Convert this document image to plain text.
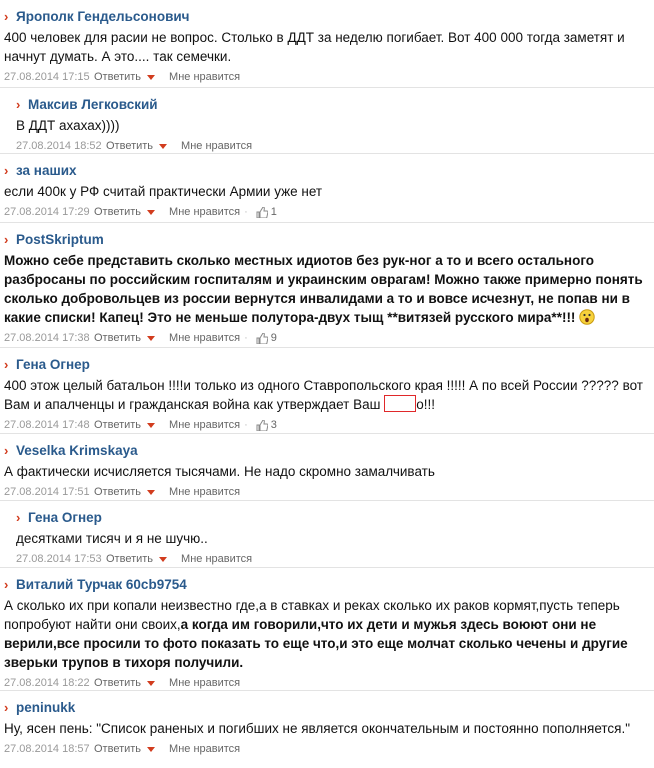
› Ярополк Гендельсонович
400 человек для расии не вопрос. Столько в ДДТ за неделю погибает. Вот 400 000 тогда заметят и начнут думать. А это.... так семечки.
27.08.2014 17:15 Ответить	Мне нравится
› Максив Легковский
В ДДТ ахахах))))
27.08.2014 18:52 Ответить	Мне нравится
› за наших
если 400к у РФ считай практически Армии уже нет
27.08.2014 17:29 Ответить	Мне нравится · 1
› PostSkriptum
Можно себе представить сколько местных идиотов без рук-ног а то и всего остального разбросаны по российским госпиталям и украинским оврагам! Можно также примерно понять сколько добровольцев из россии вернутся инвалидами а то и вовсе исчезнут, не попав ни в какие списки! Капец! Это не меньше полутора-двух тыщ **витязей русского мира**!!!
27.08.2014 17:38 Ответить	Мне нравится · 9
› Гена Огнер
400 этож целый батальон !!!!и только из одного Ставропольского края !!!!! А по всей России ????? вот Вам и апалченцы и гражданская война как утверждает Ваш о!!!
27.08.2014 17:48 Ответить	Мне нравится · 3
› Veselka Krimskaya
А фактически исчисляется тысячами. Не надо скромно замалчивать
27.08.2014 17:51 Ответить	Мне нравится
› Гена Огнер
десятками тисяч и я не шучю..
27.08.2014 17:53 Ответить	Мне нравится
› Виталий Турчак 60cb9754
А сколько их при копали неизвестно где,а в ставках и реках сколько их раков кормят,пусть теперь попробуют найти они своих,а когда им говорили,что их дети и мужья здесь воюют они не верили,все просили то фото показать то еще что,и это еще молчат сколько чечены и другие зверьки трупов в тихоря получили.
27.08.2014 18:22 Ответить	Мне нравится
› peninukk
Ну, ясен пень: "Список раненых и погибших не является окончательным и постоянно пополняется."
27.08.2014 18:57 Ответить	Мне нравится
